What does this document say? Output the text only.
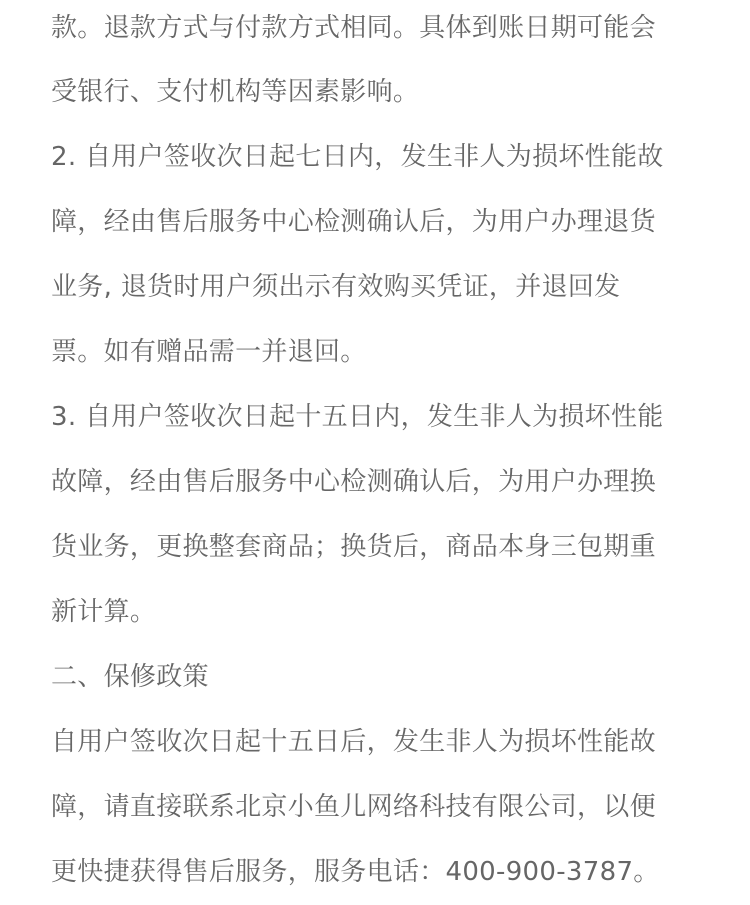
款。退款方式与付款方式相同。具体到账日期可能会
受银行、支付机构等因素影响。
2. 自用户签收次日起七日内，发生非人为损坏性能故
障，经由售后服务中心检测确认后，为用户办理退货
业务, 退货时用户须出示有效购买凭证，并退回发
票。如有赠品需一并退回。
3. 自用户签收次日起十五日内，发生非人为损坏性能
故障，经由售后服务中心检测确认后，为用户办理换
货业务，更换整套商品；换货后，商品本身三包期重
新计算。
二、保修政策
自用户签收次日起十五日后，发生非人为损坏性能故
障，请直接联系北京小鱼儿网络科技有限公司，以便
更快捷获得售后服务，服务电话：400-900-3787。
